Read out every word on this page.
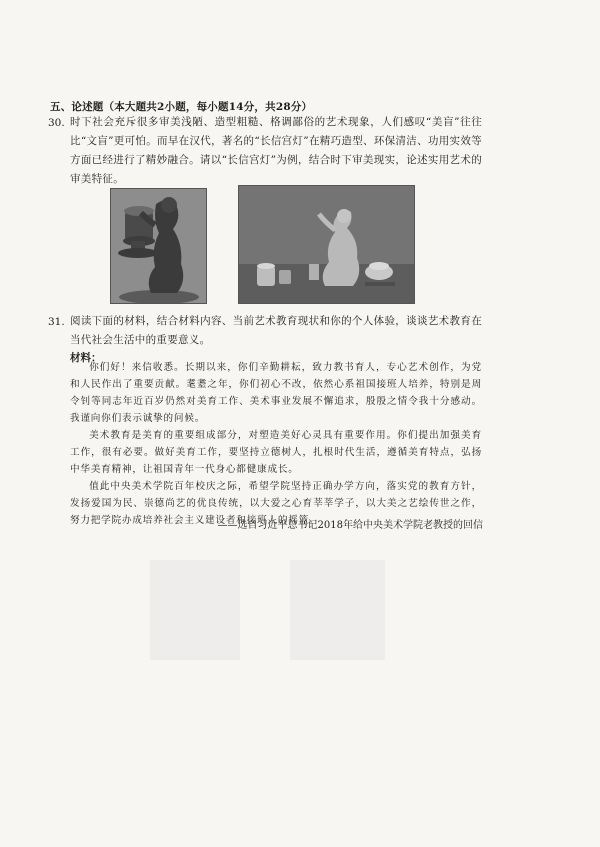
五、论述题（本大题共2小题，每小题14分，共28分）
30. 时下社会充斥很多审美浅陋、造型粗糙、格调鄙俗的艺术现象，人们感叹“美盲”往往比“文盲”更可怕。而早在汉代，著名的“长信宫灯”在精巧造型、环保清洁、功用实效等方面已经进行了精妙融合。请以“长信宫灯”为例，结合时下审美现实，论述实用艺术的审美特征。
31. 阅读下面的材料，结合材料内容、当前艺术教育现状和你的个人体验，谈谈艺术教育在当代社会生活中的重要意义。
材料：

你们好！来信收悉。长期以来，你们辛勤耕耘，致力教书育人，专心艺术创作，为党和人民作出了重要贡献。耄耋之年，你们初心不改，依然心系祖国接班人培养，特别是周令钊等同志年近百岁仍然对美育工作、美术事业发展不懈追求，殷殷之情令我十分感动。我谨向你们表示诚挚的问候。

美术教育是美育的重要组成部分，对塑造美好心灵具有重要作用。你们提出加强美育工作，很有必要。做好美育工作，要坚持立德树人，扎根时代生活，遵循美育特点，弘扬中华美育精神，让祖国青年一代身心都健康成长。

值此中央美术学院百年校庆之际，希望学院坚持正确办学方向，落实党的教育方针，发扬爱国为民、崇德尚艺的优良传统，以大爱之心育莘莘学子，以大美之艺绘传世之作，努力把学院办成培养社会主义建设者和接班人的摇篮。

——选自习近平总书记2018年给中央美术学院老教授的回信
